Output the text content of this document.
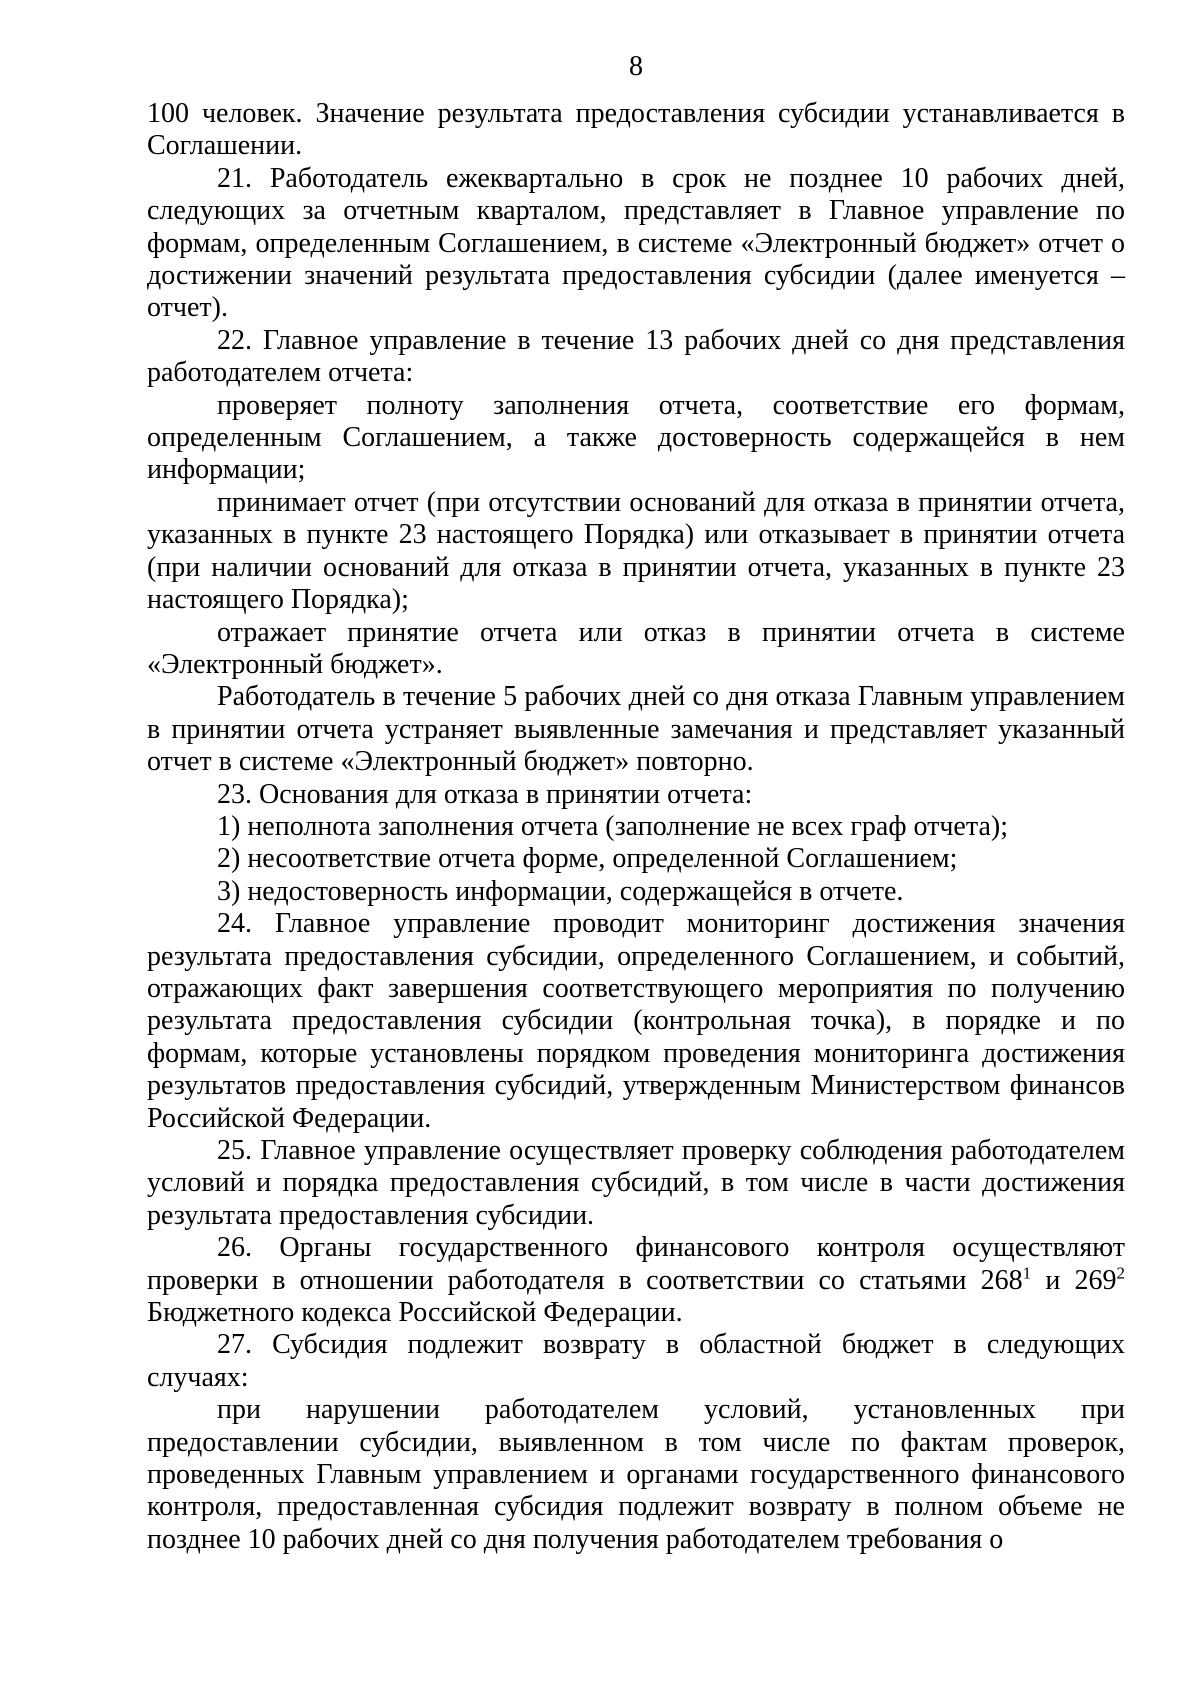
8

100 человек. Значение результата предоставления субсидии устанавливается в Соглашении.

21. Работодатель ежеквартально в срок не позднее 10 рабочих дней, следующих за отчетным кварталом, представляет в Главное управление по формам, определенным Соглашением, в системе «Электронный бюджет» отчет о достижении значений результата предоставления субсидии (далее именуется – отчет).

22. Главное управление в течение 13 рабочих дней со дня представления работодателем отчета:

проверяет полноту заполнения отчета, соответствие его формам, определенным Соглашением, а также достоверность содержащейся в нем информации;

принимает отчет (при отсутствии оснований для отказа в принятии отчета, указанных в пункте 23 настоящего Порядка) или отказывает в принятии отчета (при наличии оснований для отказа в принятии отчета, указанных в пункте 23 настоящего Порядка);

отражает принятие отчета или отказ в принятии отчета в системе «Электронный бюджет».

Работодатель в течение 5 рабочих дней со дня отказа Главным управлением в принятии отчета устраняет выявленные замечания и представляет указанный отчет в системе «Электронный бюджет» повторно.

23. Основания для отказа в принятии отчета:

1) неполнота заполнения отчета (заполнение не всех граф отчета);

2) несоответствие отчета форме, определенной Соглашением;

3) недостоверность информации, содержащейся в отчете.

24. Главное управление проводит мониторинг достижения значения результата предоставления субсидии, определенного Соглашением, и событий, отражающих факт завершения соответствующего мероприятия по получению результата предоставления субсидии (контрольная точка), в порядке и по формам, которые установлены порядком проведения мониторинга достижения результатов предоставления субсидий, утвержденным Министерством финансов Российской Федерации.

25. Главное управление осуществляет проверку соблюдения работодателем условий и порядка предоставления субсидий, в том числе в части достижения результата предоставления субсидии.

26. Органы государственного финансового контроля осуществляют проверки в отношении работодателя в соответствии со статьями $268^1$ и $269^2$ Бюджетного кодекса Российской Федерации.

27. Субсидия подлежит возврату в областной бюджет в следующих случаях:

при нарушении работодателем условий, установленных при предоставлении субсидии, выявленном в том числе по фактам проверок, проведенных Главным управлением и органами государственного финансового контроля, предоставленная субсидия подлежит возврату в полном объеме не позднее 10 рабочих дней со дня получения работодателем требования о
